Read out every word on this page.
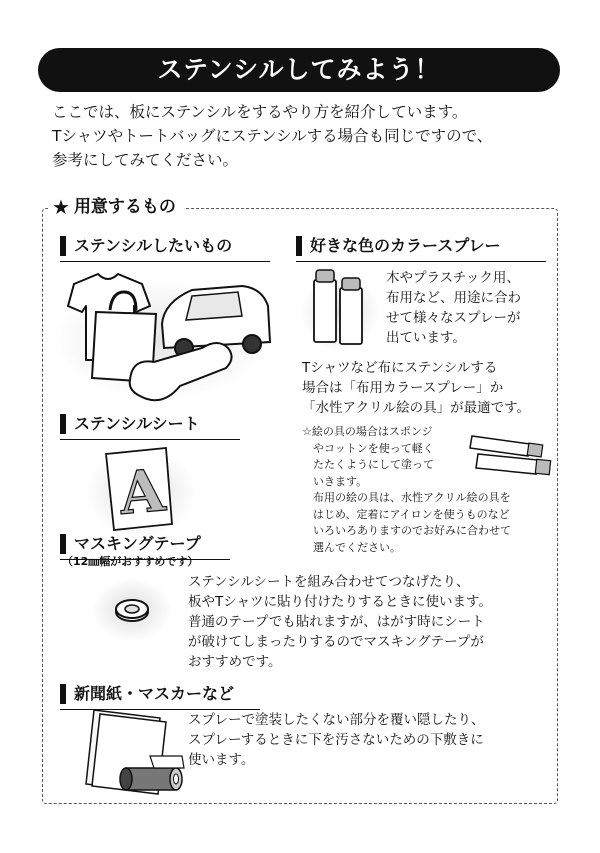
ステンシルしてみよう！
ここでは、板にステンシルをするやり方を紹介しています。
Tシャツやトートバッグにステンシルする場合も同じですので、
参考にしてみてください。
★ 用意するもの
ステンシルしたいもの
ステンシルシート
A
マスキングテープ
（12㎜幅がおすすめです）
ステンシルシートを組み合わせてつなげたり、
板やTシャツに貼り付けたりするときに使います。
普通のテープでも貼れますが、はがす時にシート
が破けてしまったりするのでマスキングテープが
おすすめです。
新聞紙・マスカーなど
スプレーで塗装したくない部分を覆い隠したり、
スプレーするときに下を汚さないための下敷きに
使います。
好きな色のカラースプレー
木やプラスチック用、
布用など、用途に合わ
せて様々なスプレーが
出ています。
Tシャツなど布にステンシルする
場合は「布用カラースプレー」か
「水性アクリル絵の具」が最適です。
☆絵の具の場合はスポンジ
　やコットンを使って軽く
　たたくようにして塗って
　いきます。
　布用の絵の具は、水性アクリル絵の具を
　はじめ、定着にアイロンを使うものなど
　いろいろありますのでお好みに合わせて
　選んでください。
